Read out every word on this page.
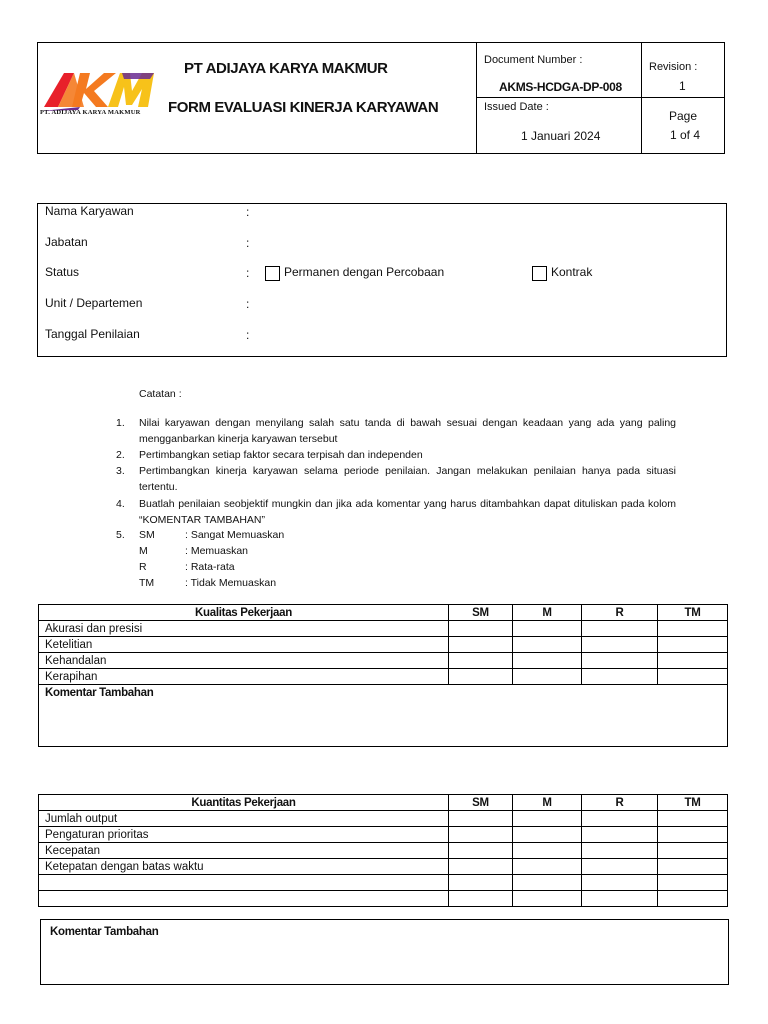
PT. ADIJAYA KARYA MAKMUR
PT ADIJAYA KARYA MAKMUR
FORM EVALUASI KINERJA KARYAWAN
Document Number :
AKMS-HCDGA-DP-008
Issued Date :
1 Januari 2024
Revision :
1
Page
1 of 4
Nama Karyawan	:
Jabatan	:
Status	:	Permanen dengan Percobaan	Kontrak
Unit / Departemen	:
Tanggal Penilaian	:
Catatan :
1. Nilai karyawan dengan menyilang salah satu tanda di bawah sesuai dengan keadaan yang ada yang paling mengganbarkan kinerja karyawan tersebut
2. Pertimbangkan setiap faktor secara terpisah dan independen
3. Pertimbangkan kinerja karyawan selama periode penilaian. Jangan melakukan penilaian hanya pada situasi tertentu.
4. Buatlah penilaian seobjektif mungkin dan jika ada komentar yang harus ditambahkan dapat dituliskan pada kolom “KOMENTAR TAMBAHAN”
5. SM	: Sangat Memuaskan
M	: Memuaskan
R	: Rata-rata
TM	: Tidak Memuaskan
Kualitas Pekerjaan	SM	M	R	TM
Akurasi dan presisi				
Ketelitian				
Kehandalan				
Kerapihan				
Komentar Tambahan				
Kuantitas Pekerjaan	SM	M	R	TM
Jumlah output				
Pengaturan prioritas				
Kecepatan				
Ketepatan dengan batas waktu				

Komentar Tambahan
